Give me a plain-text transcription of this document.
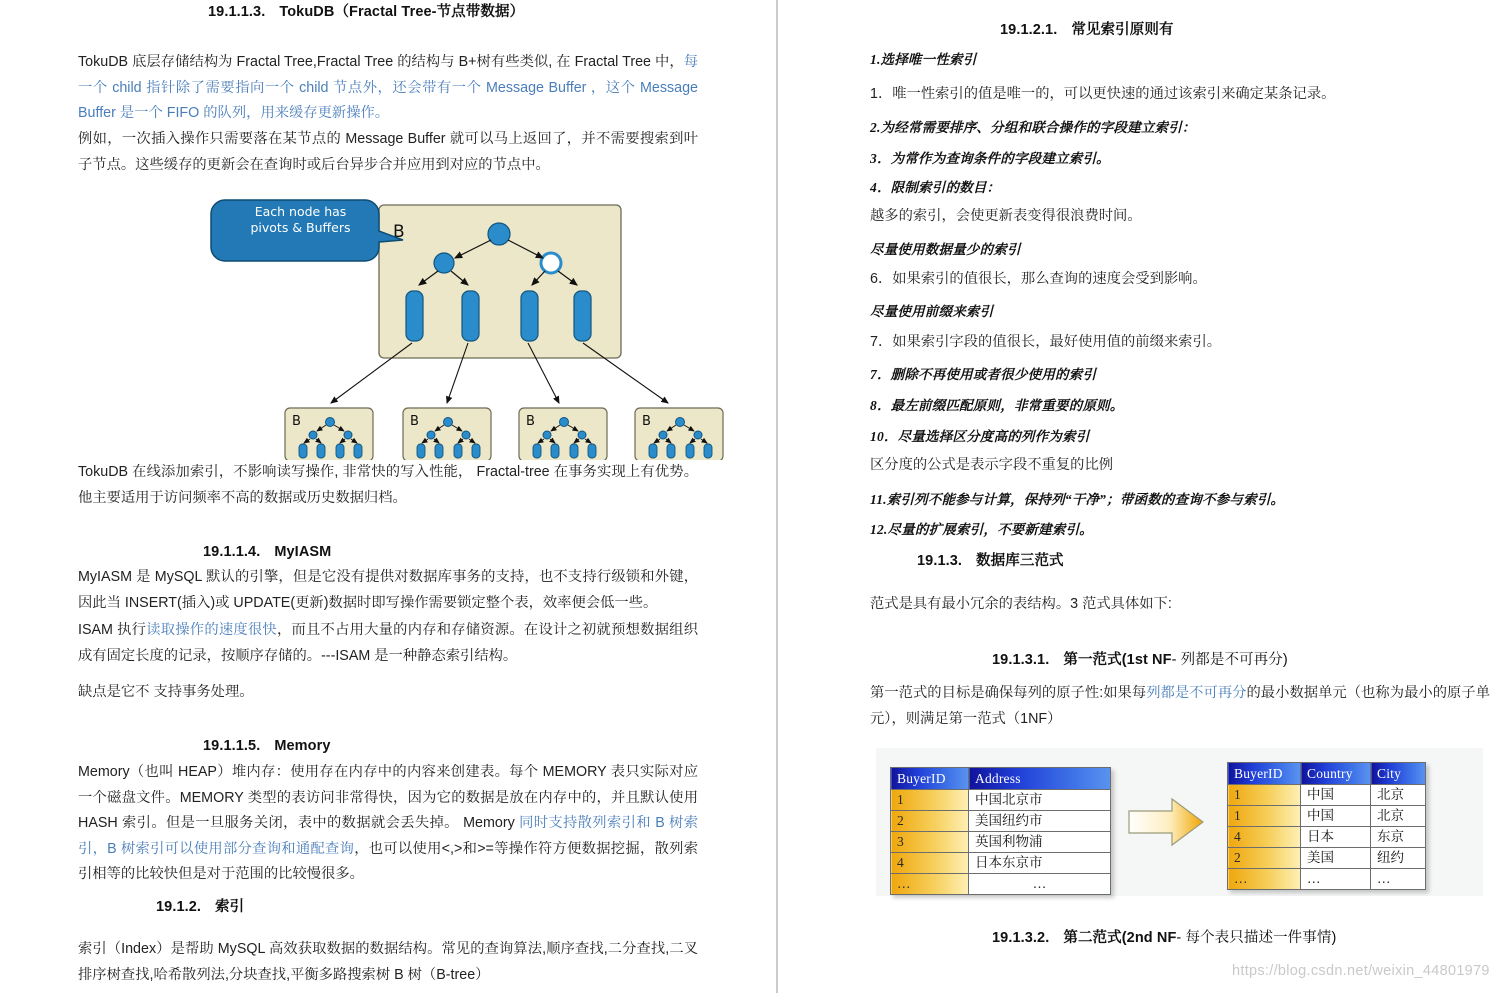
19.1.1.3. TokuDB（Fractal Tree-节点带数据）

TokuDB 底层存储结构为 Fractal Tree,Fractal Tree 的结构与 B+树有些类似, 在 Fractal Tree 中，每一个 child 指针除了需要指向一个 child 节点外，还会带有一个 Message Buffer ，这个 Message Buffer 是一个 FIFO 的队列，用来缓存更新操作。

例如，一次插入操作只需要落在某节点的 Message Buffer 就可以马上返回了，并不需要搜索到叶子节点。这些缓存的更新会在查询时或后台异步合并应用到对应的节点中。

B
B	B	B	B
Each node has
pivots & Buffers

TokuDB 在线添加索引，不影响读写操作, 非常快的写入性能， Fractal-tree 在事务实现上有优势。 他主要适用于访问频率不高的数据或历史数据归档。

19.1.1.4. MyIASM

MyIASM 是 MySQL 默认的引擎，但是它没有提供对数据库事务的支持，也不支持行级锁和外键，因此当 INSERT(插入)或 UPDATE(更新)数据时即写操作需要锁定整个表，效率便会低一些。

ISAM 执行读取操作的速度很快，而且不占用大量的内存和存储资源。在设计之初就预想数据组织成有固定长度的记录，按顺序存储的。---ISAM 是一种静态索引结构。

缺点是它不 支持事务处理。

19.1.1.5. Memory

Memory（也叫 HEAP）堆内存：使用存在内存中的内容来创建表。每个 MEMORY 表只实际对应一个磁盘文件。MEMORY 类型的表访问非常得快，因为它的数据是放在内存中的，并且默认使用 HASH 索引。但是一旦服务关闭，表中的数据就会丢失掉。 Memory 同时支持散列索引和 B 树索引，B 树索引可以使用部分查询和通配查询，也可以使用<,>和>=等操作符方便数据挖掘，散列索引相等的比较快但是对于范围的比较慢很多。

19.1.2. 索引

索引（Index）是帮助 MySQL 高效获取数据的数据结构。常见的查询算法,顺序查找,二分查找,二叉排序树查找,哈希散列法,分块查找,平衡多路搜索树 B 树（B-tree）

19.1.2.1. 常见索引原则有

1.选择唯一性索引

1．唯一性索引的值是唯一的，可以更快速的通过该索引来确定某条记录。

2.为经常需要排序、分组和联合操作的字段建立索引：

3．为常作为查询条件的字段建立索引。

4．限制索引的数目：

越多的索引，会使更新表变得很浪费时间。

尽量使用数据量少的索引

6．如果索引的值很长，那么查询的速度会受到影响。

尽量使用前缀来索引

7．如果索引字段的值很长，最好使用值的前缀来索引。

7．删除不再使用或者很少使用的索引

8．最左前缀匹配原则，非常重要的原则。

10．尽量选择区分度高的列作为索引

区分度的公式是表示字段不重复的比例

11.索引列不能参与计算，保持列“干净”；带函数的查询不参与索引。

12.尽量的扩展索引，不要新建索引。

19.1.3. 数据库三范式

范式是具有最小冗余的表结构。3 范式具体如下:

19.1.3.1. 第一范式(1st NF- 列都是不可再分)

第一范式的目标是确保每列的原子性:如果每列都是不可再分的最小数据单元（也称为最小的原子单元），则满足第一范式（1NF）

19.1.3.2. 第二范式(2nd NF- 每个表只描述一件事情)
BuyerID	Address
1	中国北京市
2	美国纽约市
3	英国利物浦
4	日本东京市
…	…
BuyerID	Country	City
1	中国	北京
1	中国	北京
4	日本	东京
2	美国	纽约
…	…	…
https://blog.csdn.net/weixin_44801979
